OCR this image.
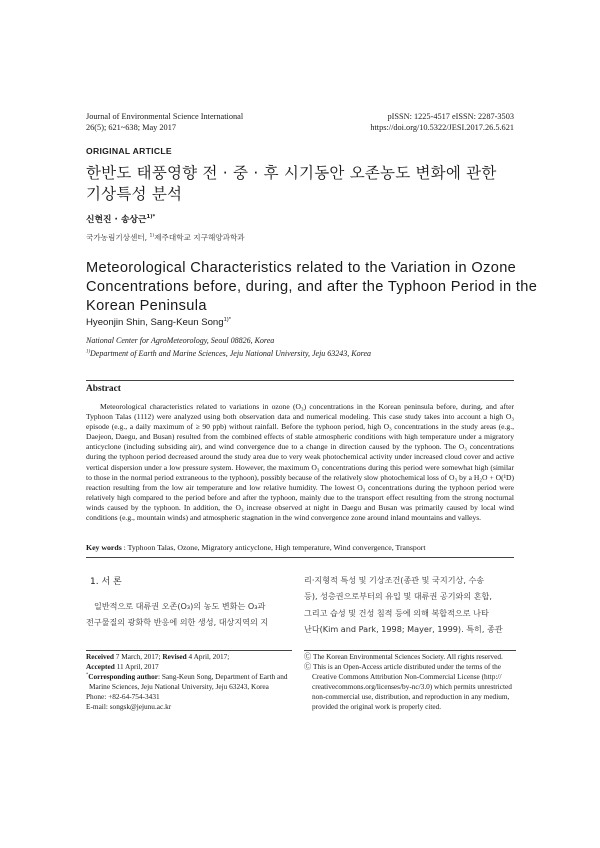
Journal of Environmental Science International
26(5); 621~638; May 2017
pISSN: 1225-4517 eISSN: 2287-3503
https://doi.org/10.5322/JESI.2017.26.5.621
ORIGINAL ARTICLE
한반도 태풍영향 전 · 중 · 후 시기동안 오존농도 변화에 관한
기상특성 분석
신현진 · 송상근$^{1)*}$
국가농림기상센터, $^{1)}$제주대학교 지구해양과학과
Meteorological Characteristics related to the Variation in Ozone
Concentrations before, during, and after the Typhoon Period in the
Korean Peninsula
Hyeonjin Shin, Sang-Keun Song$^{1)*}$
National Center for AgroMeteorology, Seoul 08826, Korea
$^{1)}$Department of Earth and Marine Sciences, Jeju National University, Jeju 63243, Korea
Abstract
Meteorological characteristics related to variations in ozone (O₃) concentrations in the Korean peninsula before, during, and after Typhoon Talas (1112) were analyzed using both observation data and numerical modeling. This case study takes into account a high O₃ episode (e.g., a daily maximum of ≥ 90 ppb) without rainfall. Before the typhoon period, high O₃ concentrations in the study areas (e.g., Daejeon, Daegu, and Busan) resulted from the combined effects of stable atmospheric conditions with high temperature under a migratory anticyclone (including subsiding air), and wind convergence due to a change in direction caused by the typhoon. The O₃ concentrations during the typhoon period decreased around the study area due to very weak photochemical activity under increased cloud cover and active vertical dispersion under a low pressure system. However, the maximum O₃ concentrations during this period were somewhat high (similar to those in the normal period extraneous to the typhoon), possibly because of the relatively slow photochemical loss of O₃ by a H₂O + O(¹D) reaction resulting from the low air temperature and low relative humidity. The lowest O₃ concentrations during the typhoon period were relatively high compared to the period before and after the typhoon, mainly due to the transport effect resulting from the strong nocturnal winds caused by the typhoon. In addition, the O₃ increase observed at night in Daegu and Busan was primarily caused by local wind conditions (e.g., mountain winds) and atmospheric stagnation in the wind convergence zone around inland mountains and valleys.
Key words : Typhoon Talas, Ozone, Migratory anticyclone, High temperature, Wind convergence, Transport
1. 서 론
일반적으로 대류권 오존(O₃)의 농도 변화는 O₃과
전구물질의 광화학 반응에 의한 생성, 대상지역의 지
리·지형적 특성 및 기상조건(종관 및 국지기상, 수송
등), 성층권으로부터의 유입 및 대류권 공기와의 혼합,
그리고 습성 및 건성 침적 등에 의해 복합적으로 나타
난다(Kim and Park, 1998; Mayer, 1999). 특히, 종관
Received 7 March, 2017; Revised 4 April, 2017;
Accepted 11 April, 2017
*Corresponding author: Sang-Keun Song, Department of Earth and
Marine Sciences, Jeju National University, Jeju 63243, Korea
Phone: +82-64-754-3431
E-mail: songsk@jejunu.ac.kr
Ⓒ The Korean Environmental Sciences Society. All rights reserved.
Ⓒ This is an Open-Access article distributed under the terms of the
Creative Commons Attribution Non-Commercial License (http://
creativecommons.org/licenses/by-nc/3.0) which permits unrestricted
non-commercial use, distribution, and reproduction in any medium,
provided the original work is properly cited.
